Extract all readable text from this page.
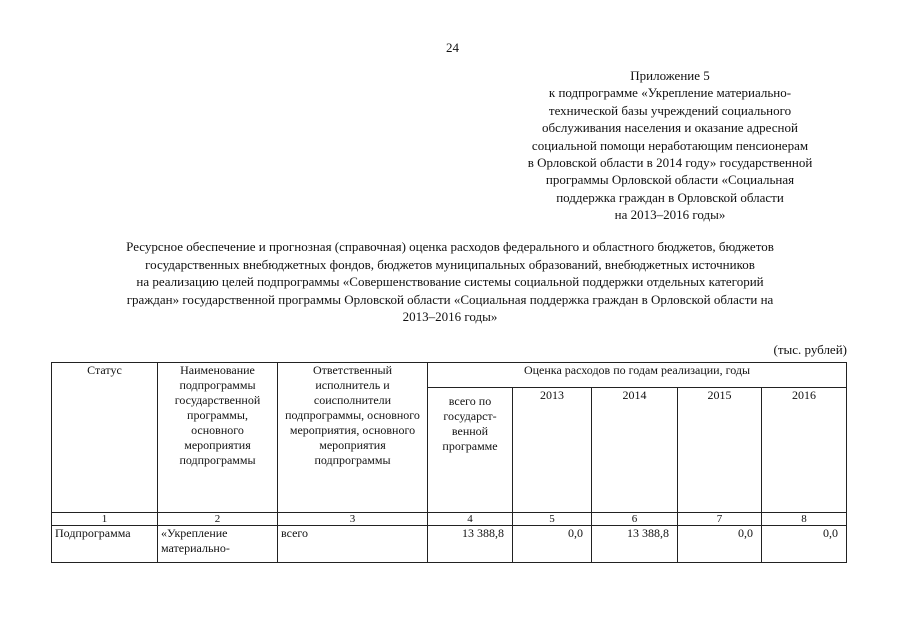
24
Приложение 5
к подпрограмме «Укрепление материально-
технической базы учреждений социального
обслуживания населения и оказание адресной
социальной помощи неработающим пенсионерам
в Орловской области в 2014 году» государственной
программы Орловской области «Социальная
поддержка граждан в Орловской области
на 2013–2016 годы»
Ресурсное обеспечение и прогнозная (справочная) оценка расходов федерального и областного бюджетов, бюджетов
государственных внебюджетных фондов, бюджетов муниципальных образований, внебюджетных источников
на реализацию целей подпрограммы «Совершенствование системы социальной поддержки отдельных категорий
граждан» государственной программы Орловской области «Социальная поддержка граждан в Орловской области на
2013–2016 годы»
(тыс. рублей)
Статус	Наименование подпрограммы государственной программы, основного мероприятия подпрограммы	Ответственный исполнитель и соисполнители подпрограммы, основного мероприятия, основного мероприятия подпрограммы	Оценка расходов по годам реализации, годы				
			всего по государст-венной программе	2013	2014	2015	2016
1	2	3	4	5	6	7	8
Подпрограмма	«Укрепление материально-	всего	13 388,8	0,0	13 388,8	0,0	0,0
